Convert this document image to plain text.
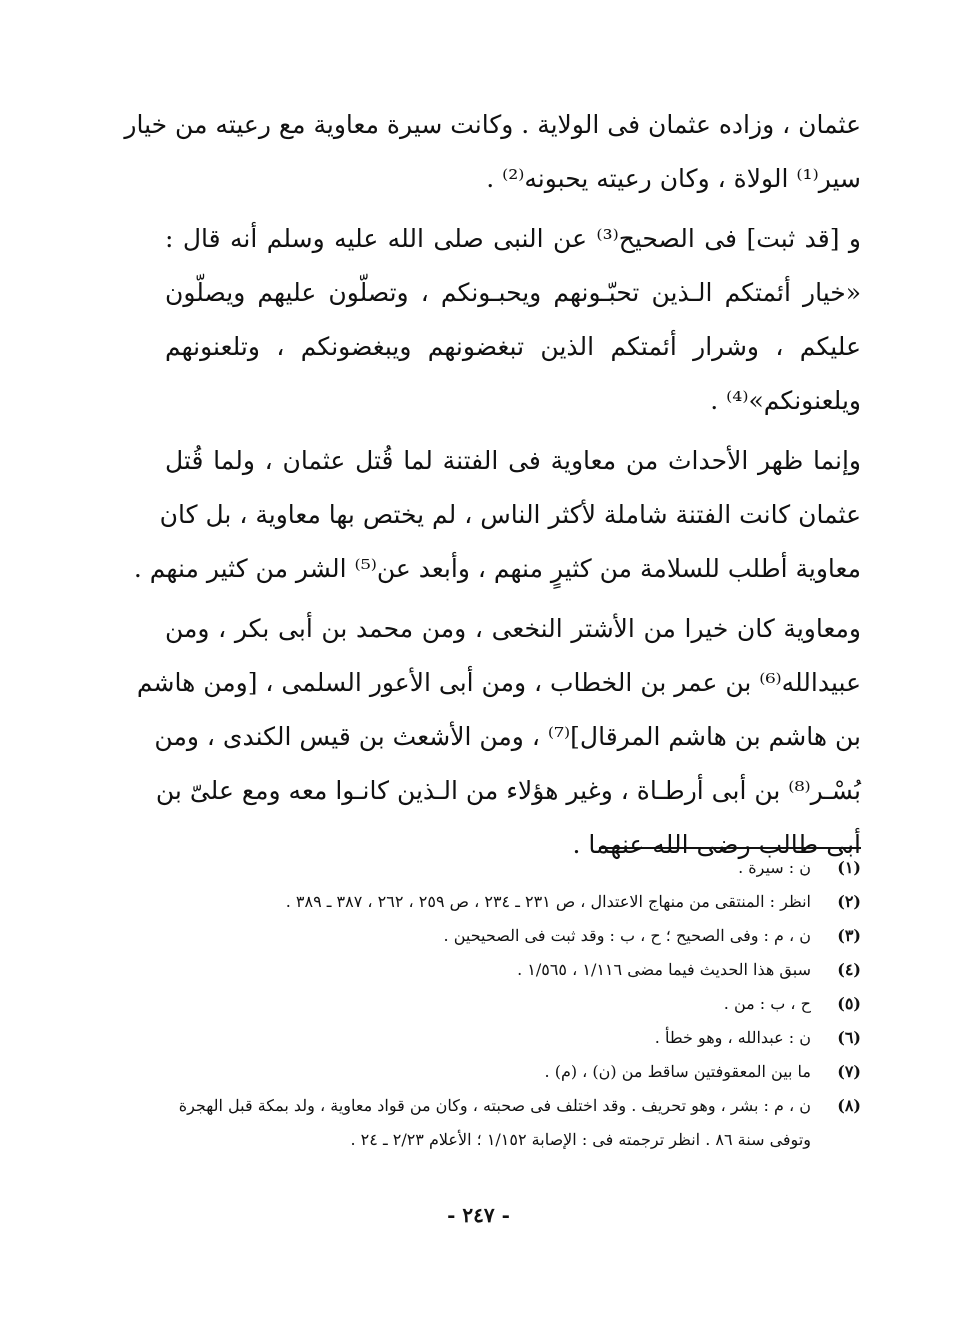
عثمان ، وزاده عثمان فى الولاية . وكانت سيرة معاوية مع رعيته من خيار
سير⁽¹⁾ الولاة ، وكان رعيته يحبونه⁽²⁾ .
و [قد ثبت] فى الصحيح⁽³⁾ عن النبى صلى الله عليه وسلم أنه قال :
«خيار أئمتكم الـذين تحبّـونهم ويحبـونكم ، وتصلّون عليهم ويصلّون
عليكم ، وشرار أئمتكم الذين تبغضونهم ويبغضونكم ، وتلعنونهم
ويلعنونكم»⁽⁴⁾ .
وإنما ظهر الأحداث من معاوية فى الفتنة لما قُتل عثمان ، ولما قُتل
عثمان كانت الفتنة شاملة لأكثر الناس ، لم يختص بها معاوية ، بل كان
معاوية أطلب للسلامة من كثيرٍ منهم ، وأبعد عن⁽⁵⁾ الشر من كثير منهم .
ومعاوية كان خيرا من الأشتر النخعى ، ومن محمد بن أبى بكر ، ومن
عبيدالله⁽⁶⁾ بن عمر بن الخطاب ، ومن أبى الأعور السلمى ، [ومن هاشم
بن هاشم بن هاشم المرقال]⁽⁷⁾ ، ومن الأشعث بن قيس الكندى ، ومن
بُسْـر⁽⁸⁾ بن أبى أرطـاة ، وغير هؤلاء من الـذين كانـوا معه ومع علىّ بن
أبى طالب رضى الله عنهما .
(١)
ن : سيرة .
(٢)
انظر : المنتقى من منهاج الاعتدال ، ص ٢٣١ ـ ٢٣٤ ، ص ٢٥٩ ، ٢٦٢ ، ٣٨٧ ـ ٣٨٩ .
(٣)
ن ، م : وفى الصحيح ؛ ح ، ب : وقد ثبت فى الصحيحين .
(٤)
سبق هذا الحديث فيما مضى ١/١١٦ ، ١/٥٦٥ .
(٥)
ح ، ب : من .
(٦)
ن : عبدالله ، وهو خطأ .
(٧)
ما بين المعقوفتين ساقط من (ن) ، (م) .
(٨)
ن ، م : بشر ، وهو تحريف . وقد اختلف فى صحبته ، وكان من قواد معاوية ، ولد بمكة قبل الهجرة وتوفى سنة ٨٦ . انظر ترجمته فى : الإصابة ١/١٥٢ ؛ الأعلام ٢/٢٣ ـ ٢٤ .
- ٢٤٧ -
